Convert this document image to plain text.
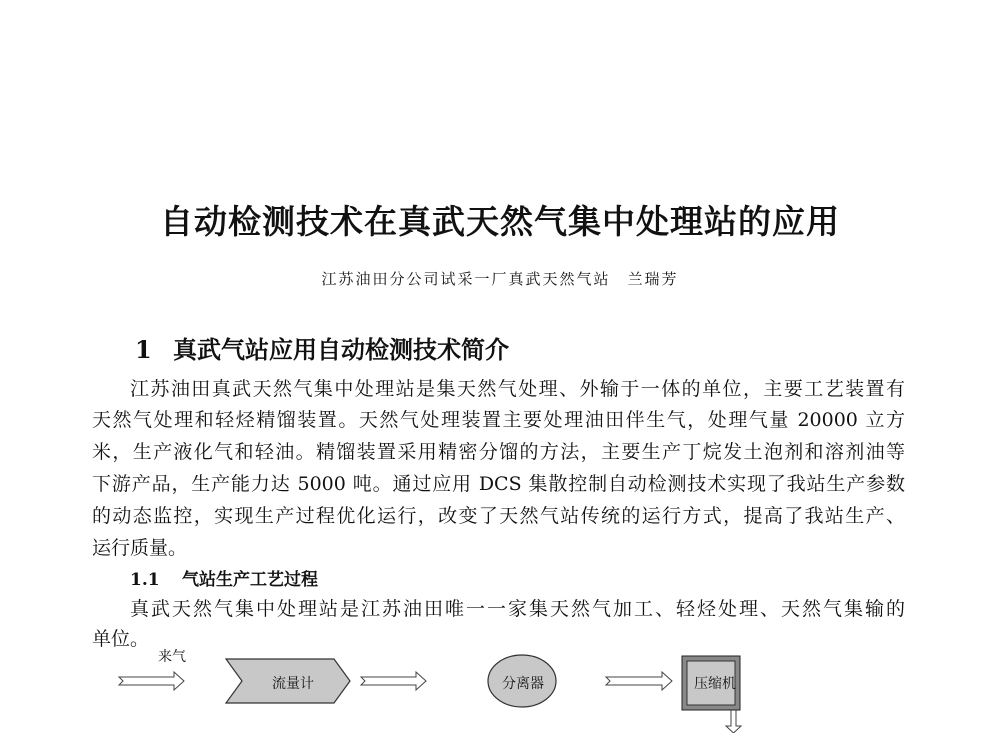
自动检测技术在真武天然气集中处理站的应用
江苏油田分公司试采一厂真武天然气站　兰瑞芳
1 真武气站应用自动检测技术简介
江苏油田真武天然气集中处理站是集天然气处理、外输于一体的单位，主要工艺装置有
天然气处理和轻烃精馏装置。天然气处理装置主要处理油田伴生气，处理气量 20000 立方
米，生产液化气和轻油。精馏装置采用精密分馏的方法，主要生产丁烷发土泡剂和溶剂油等
下游产品，生产能力达 5000 吨。通过应用 DCS 集散控制自动检测技术实现了我站生产参数
的动态监控，实现生产过程优化运行，改变了天然气站传统的运行方式，提高了我站生产、
运行质量。
1.1 气站生产工艺过程
真武天然气集中处理站是江苏油田唯一一家集天然气加工、轻烃处理、天然气集输的
单位。
来气
流量计	分离器	压缩机
